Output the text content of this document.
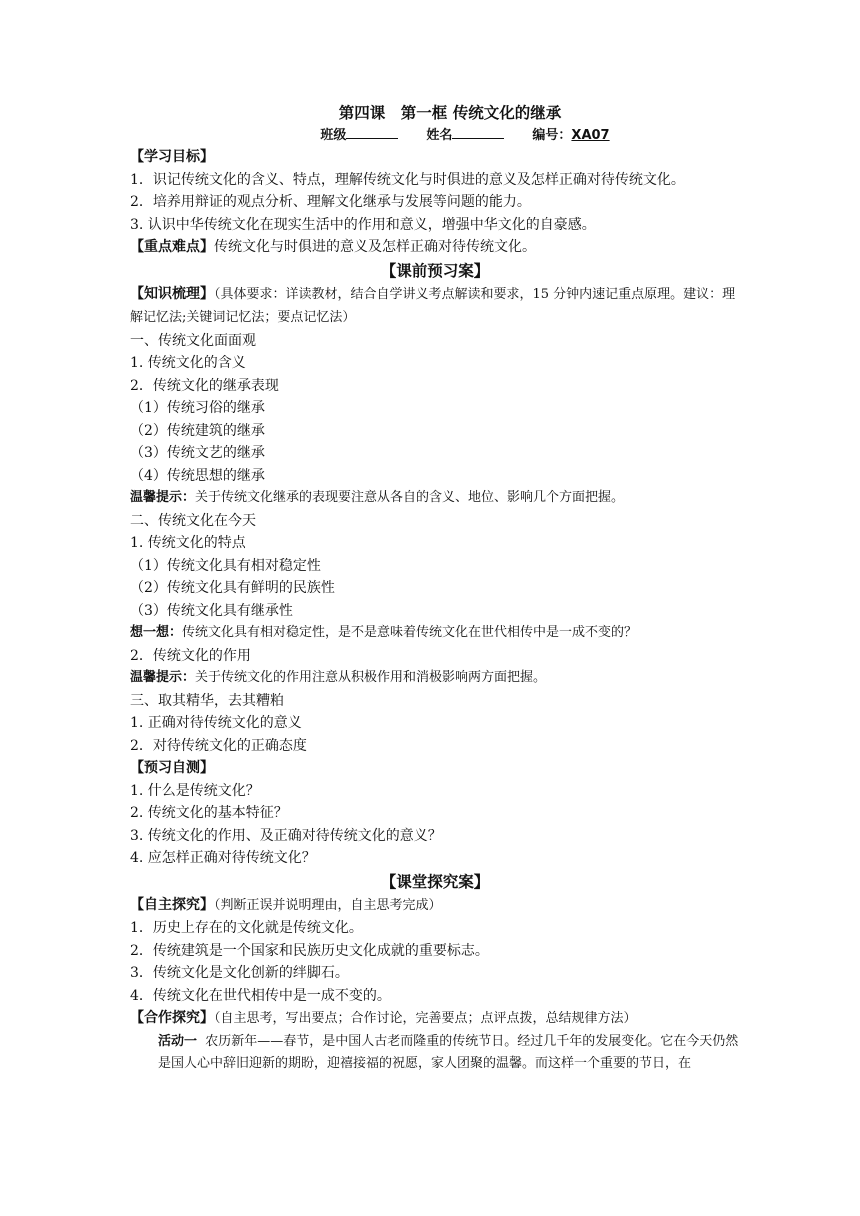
第四课　第一框 传统文化的继承
班级	姓名	编号：XA07
【学习目标】
1．识记传统文化的含义、特点，理解传统文化与时俱进的意义及怎样正确对待传统文化。
2．培养用辩证的观点分析、理解文化继承与发展等问题的能力。
3. 认识中华传统文化在现实生活中的作用和意义，增强中华文化的自豪感。
【重点难点】传统文化与时俱进的意义及怎样正确对待传统文化。
【课前预习案】
【知识梳理】（具体要求：详读教材，结合自学讲义考点解读和要求，15 分钟内速记重点原理。建议：理解记忆法;关键词记忆法；要点记忆法）
一、传统文化面面观
1. 传统文化的含义
2．传统文化的继承表现
（1）传统习俗的继承
（2）传统建筑的继承
（3）传统文艺的继承
（4）传统思想的继承
温馨提示：关于传统文化继承的表现要注意从各自的含义、地位、影响几个方面把握。
二、传统文化在今天
1. 传统文化的特点
（1）传统文化具有相对稳定性
（2）传统文化具有鲜明的民族性
（3）传统文化具有继承性
想一想：传统文化具有相对稳定性，是不是意味着传统文化在世代相传中是一成不变的？
2．传统文化的作用
温馨提示：关于传统文化的作用注意从积极作用和消极影响两方面把握。
三、取其精华，去其糟粕
1. 正确对待传统文化的意义
2．对待传统文化的正确态度
【预习自测】
1. 什么是传统文化？
2. 传统文化的基本特征？
3. 传统文化的作用、及正确对待传统文化的意义？
4. 应怎样正确对待传统文化？
【课堂探究案】
【自主探究】（判断正误并说明理由，自主思考完成）
1．历史上存在的文化就是传统文化。
2．传统建筑是一个国家和民族历史文化成就的重要标志。
3．传统文化是文化创新的绊脚石。
4．传统文化在世代相传中是一成不变的。
【合作探究】（自主思考，写出要点；合作讨论，完善要点；点评点拨，总结规律方法）
活动一 农历新年——春节，是中国人古老而隆重的传统节日。经过几千年的发展变化。它在今天仍然是国人心中辞旧迎新的期盼，迎禧接福的祝愿，家人团聚的温馨。而这样一个重要的节日，在
